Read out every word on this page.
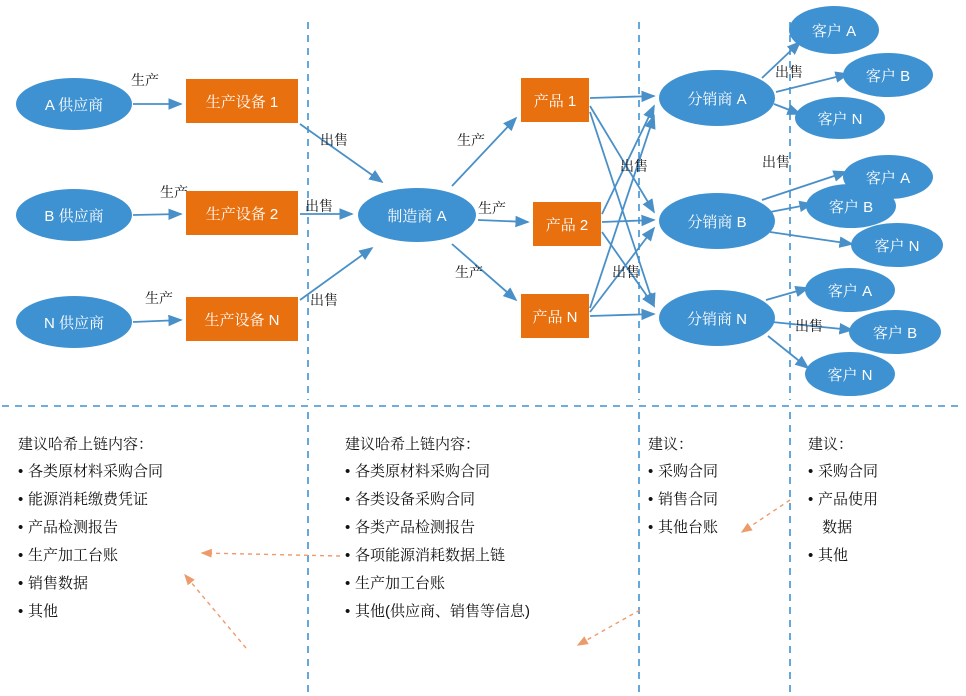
A 供应商
B 供应商
N 供应商
生产设备 1
生产设备 2
生产设备 N
制造商 A
产品 1
产品 2
产品 N
分销商 A
分销商 B
分销商 N
客户 A
客户 B
客户 N
客户 A
客户 B
客户 N
客户 A
客户 B
客户 N
生产
生产
生产
出售
出售
出售
生产
生产
生产
出售
出售
出售
出售
出售
建议哈希上链内容：
• 各类原材料采购合同
• 能源消耗缴费凭证
• 产品检测报告
• 生产加工台账
• 销售数据
• 其他
建议哈希上链内容：
• 各类原材料采购合同
• 各类设备采购合同
• 各类产品检测报告
• 各项能源消耗数据上链
• 生产加工台账
• 其他(供应商、销售等信息)
建议：
• 采购合同
• 销售合同
• 其他台账
建议：
• 采购合同
• 产品使用
数据
• 其他
